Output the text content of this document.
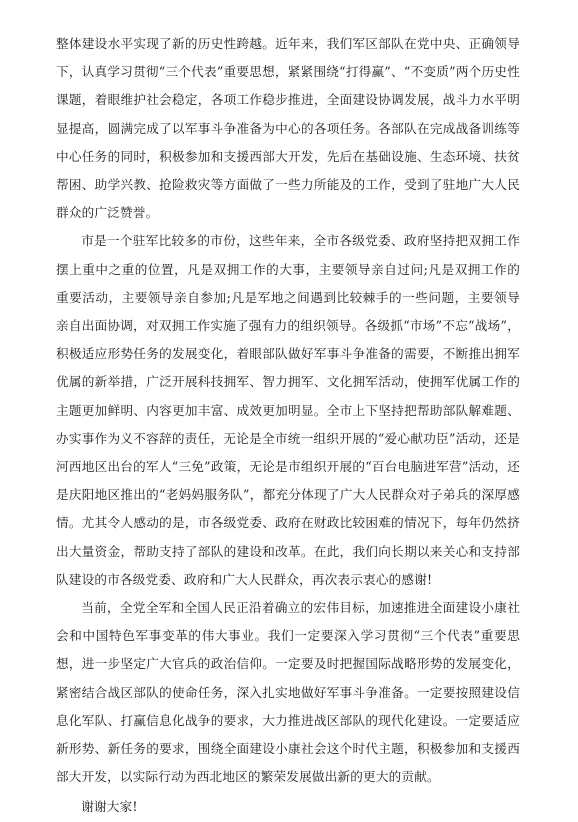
整体建设水平实现了新的历史性跨越。近年来，我们军区部队在党中央、正确领导下，认真学习贯彻“三个代表”重要思想，紧紧围绕“打得赢”、“不变质”两个历史性课题，着眼维护社会稳定，各项工作稳步推进，全面建设协调发展，战斗力水平明显提高，圆满完成了以军事斗争准备为中心的各项任务。各部队在完成战备训练等中心任务的同时，积极参加和支援西部大开发，先后在基础设施、生态环境、扶贫帮困、助学兴教、抢险救灾等方面做了一些力所能及的工作，受到了驻地广大人民群众的广泛赞誉。

市是一个驻军比较多的市份，这些年来，全市各级党委、政府坚持把双拥工作摆上重中之重的位置，凡是双拥工作的大事，主要领导亲自过问;凡是双拥工作的重要活动，主要领导亲自参加;凡是军地之间遇到比较棘手的一些问题，主要领导亲自出面协调，对双拥工作实施了强有力的组织领导。各级抓“市场”不忘“战场”，积极适应形势任务的发展变化，着眼部队做好军事斗争准备的需要，不断推出拥军优属的新举措，广泛开展科技拥军、智力拥军、文化拥军活动，使拥军优属工作的主题更加鲜明、内容更加丰富、成效更加明显。全市上下坚持把帮助部队解难题、办实事作为义不容辞的责任，无论是全市统一组织开展的“爱心献功臣”活动，还是河西地区出台的军人“三免”政策，无论是市组织开展的“百台电脑进军营”活动，还是庆阳地区推出的“老妈妈服务队”，都充分体现了广大人民群众对子弟兵的深厚感情。尤其令人感动的是，市各级党委、政府在财政比较困难的情况下，每年仍然挤出大量资金，帮助支持了部队的建设和改革。在此，我们向长期以来关心和支持部队建设的市各级党委、政府和广大人民群众，再次表示衷心的感谢!

当前，全党全军和全国人民正沿着确立的宏伟目标，加速推进全面建设小康社会和中国特色军事变革的伟大事业。我们一定要深入学习贯彻“三个代表”重要思想，进一步坚定广大官兵的政治信仰。一定要及时把握国际战略形势的发展变化，紧密结合战区部队的使命任务，深入扎实地做好军事斗争准备。一定要按照建设信息化军队、打赢信息化战争的要求，大力推进战区部队的现代化建设。一定要适应新形势、新任务的要求，围绕全面建设小康社会这个时代主题，积极参加和支援西部大开发，以实际行动为西北地区的繁荣发展做出新的更大的贡献。

谢谢大家!
